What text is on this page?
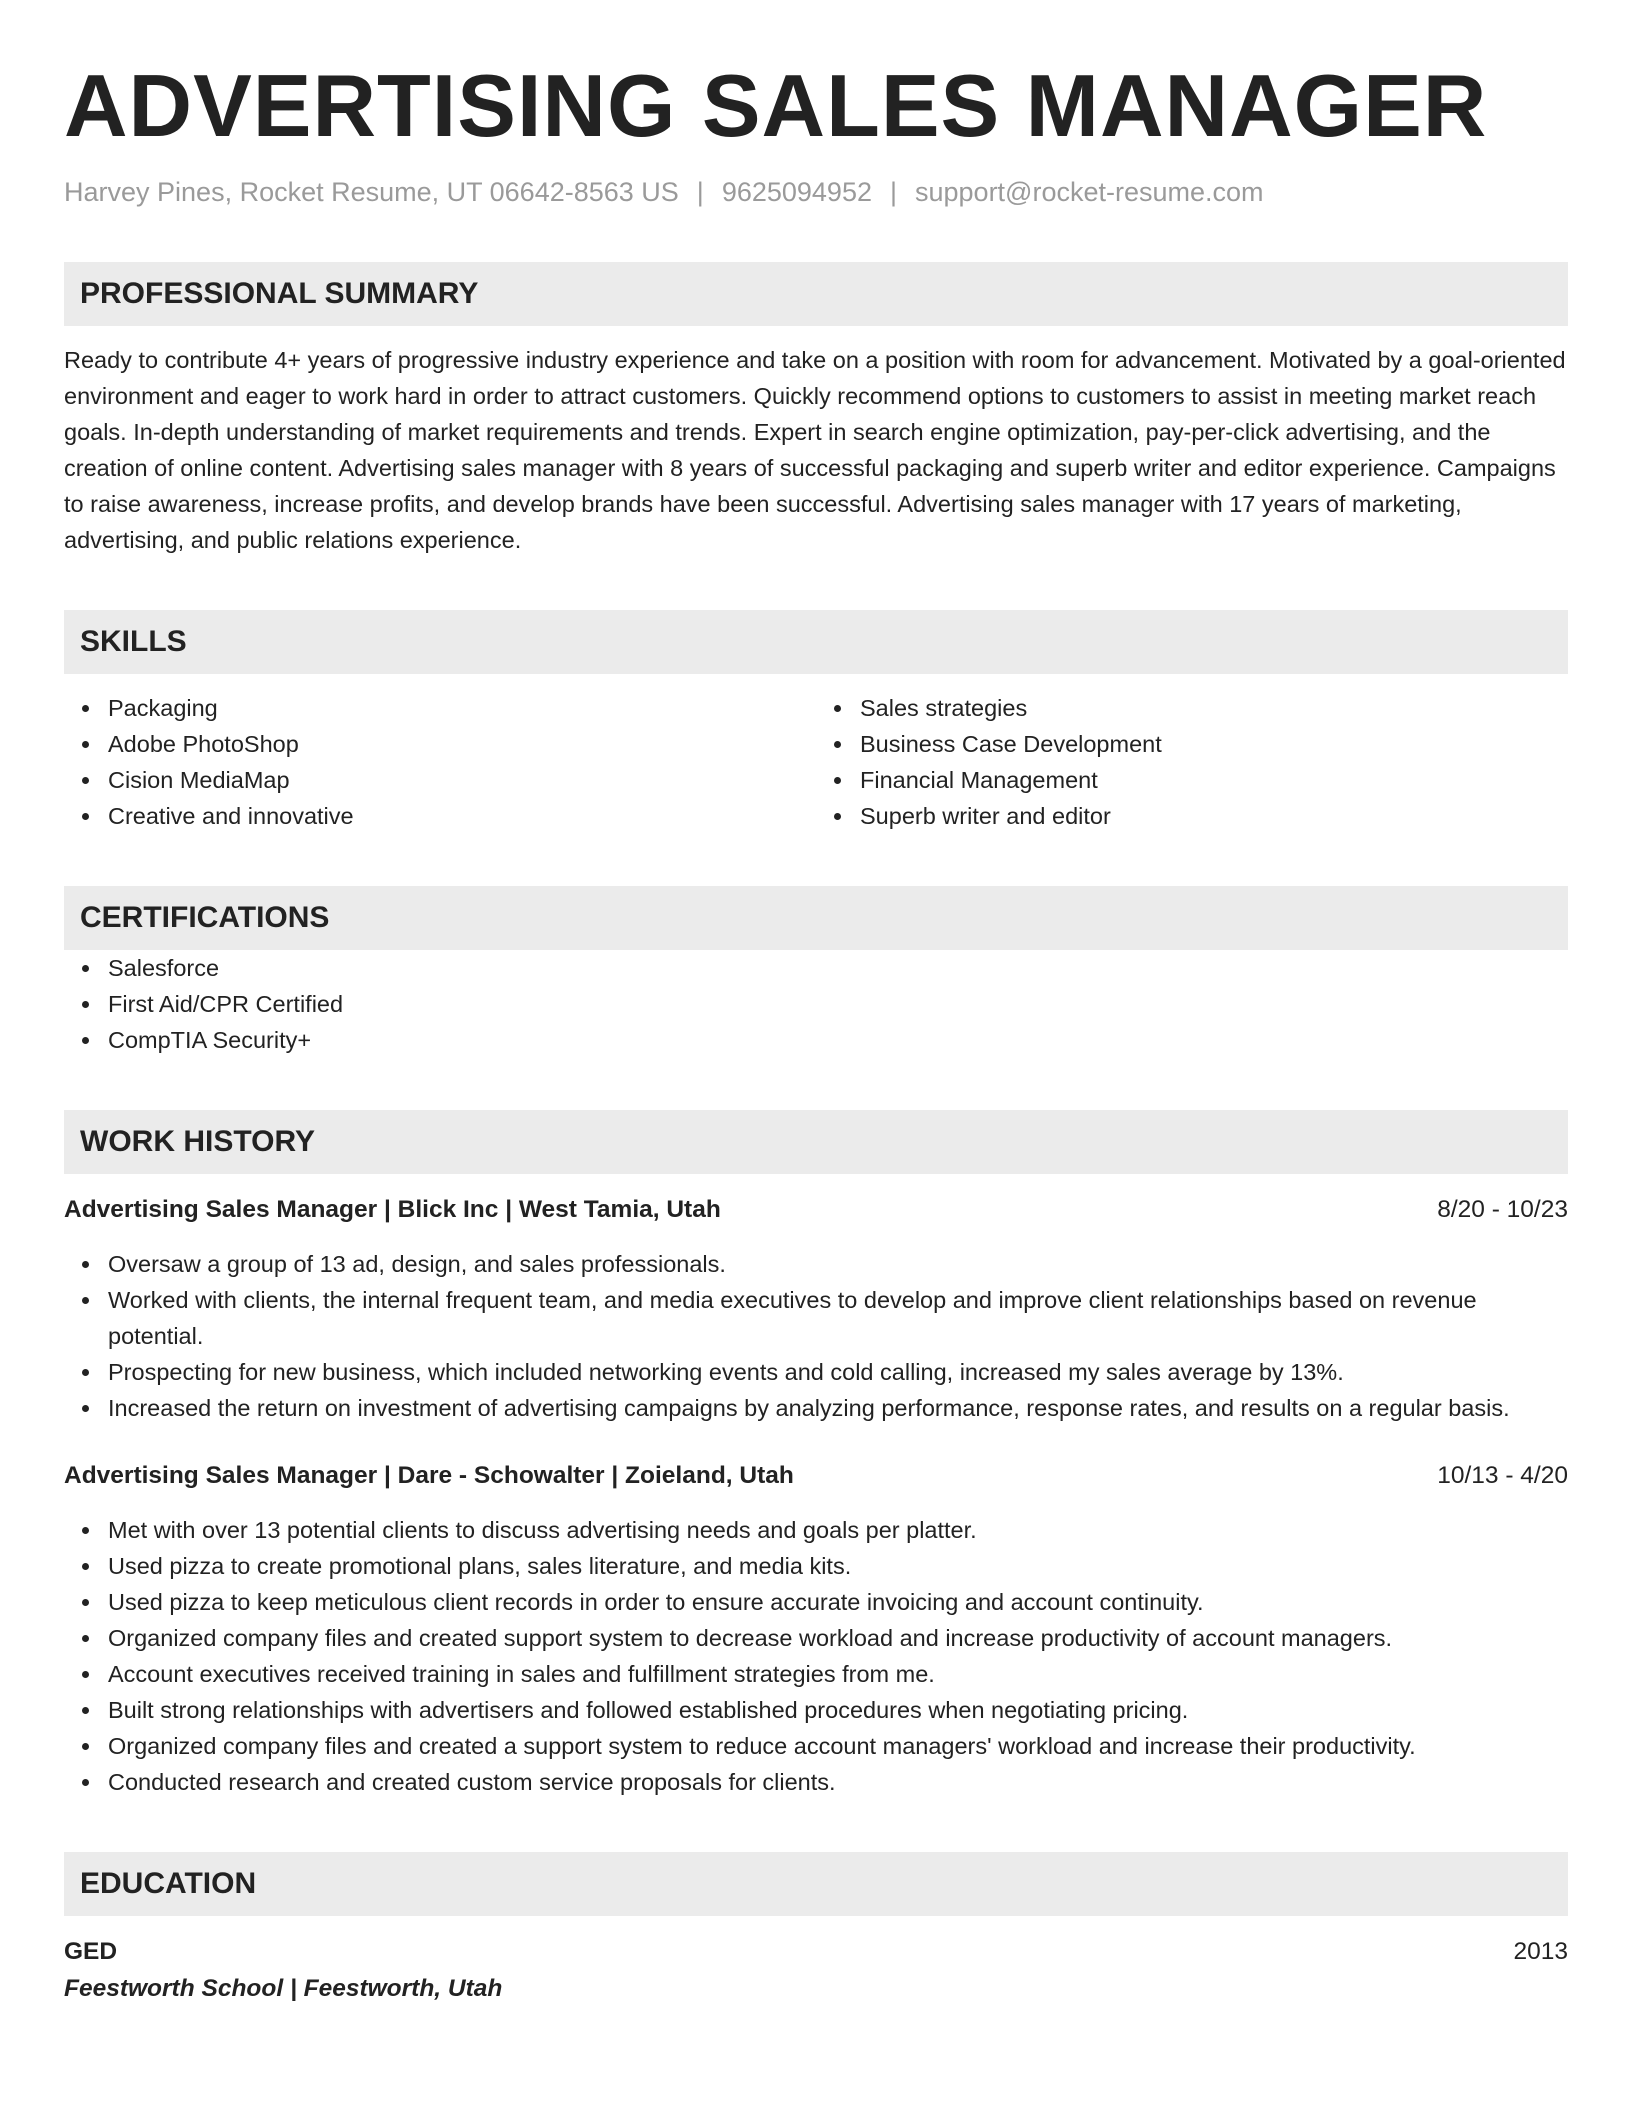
ADVERTISING SALES MANAGER
Harvey Pines, Rocket Resume, UT 06642-8563 US | 9625094952 | support@rocket-resume.com
PROFESSIONAL SUMMARY
Ready to contribute 4+ years of progressive industry experience and take on a position with room for advancement. Motivated by a goal-oriented environment and eager to work hard in order to attract customers. Quickly recommend options to customers to assist in meeting market reach goals. In-depth understanding of market requirements and trends. Expert in search engine optimization, pay-per-click advertising, and the creation of online content. Advertising sales manager with 8 years of successful packaging and superb writer and editor experience. Campaigns to raise awareness, increase profits, and develop brands have been successful. Advertising sales manager with 17 years of marketing, advertising, and public relations experience.
SKILLS
Packaging
Adobe PhotoShop
Cision MediaMap
Creative and innovative
Sales strategies
Business Case Development
Financial Management
Superb writer and editor
CERTIFICATIONS
Salesforce
First Aid/CPR Certified
CompTIA Security+
WORK HISTORY
Advertising Sales Manager | Blick Inc | West Tamia, Utah	8/20 - 10/23
Oversaw a group of 13 ad, design, and sales professionals.
Worked with clients, the internal frequent team, and media executives to develop and improve client relationships based on revenue potential.
Prospecting for new business, which included networking events and cold calling, increased my sales average by 13%.
Increased the return on investment of advertising campaigns by analyzing performance, response rates, and results on a regular basis.
Advertising Sales Manager | Dare - Schowalter | Zoieland, Utah	10/13 - 4/20
Met with over 13 potential clients to discuss advertising needs and goals per platter.
Used pizza to create promotional plans, sales literature, and media kits.
Used pizza to keep meticulous client records in order to ensure accurate invoicing and account continuity.
Organized company files and created support system to decrease workload and increase productivity of account managers.
Account executives received training in sales and fulfillment strategies from me.
Built strong relationships with advertisers and followed established procedures when negotiating pricing.
Organized company files and created a support system to reduce account managers' workload and increase their productivity.
Conducted research and created custom service proposals for clients.
EDUCATION
GED	2013
Feestworth School | Feestworth, Utah
